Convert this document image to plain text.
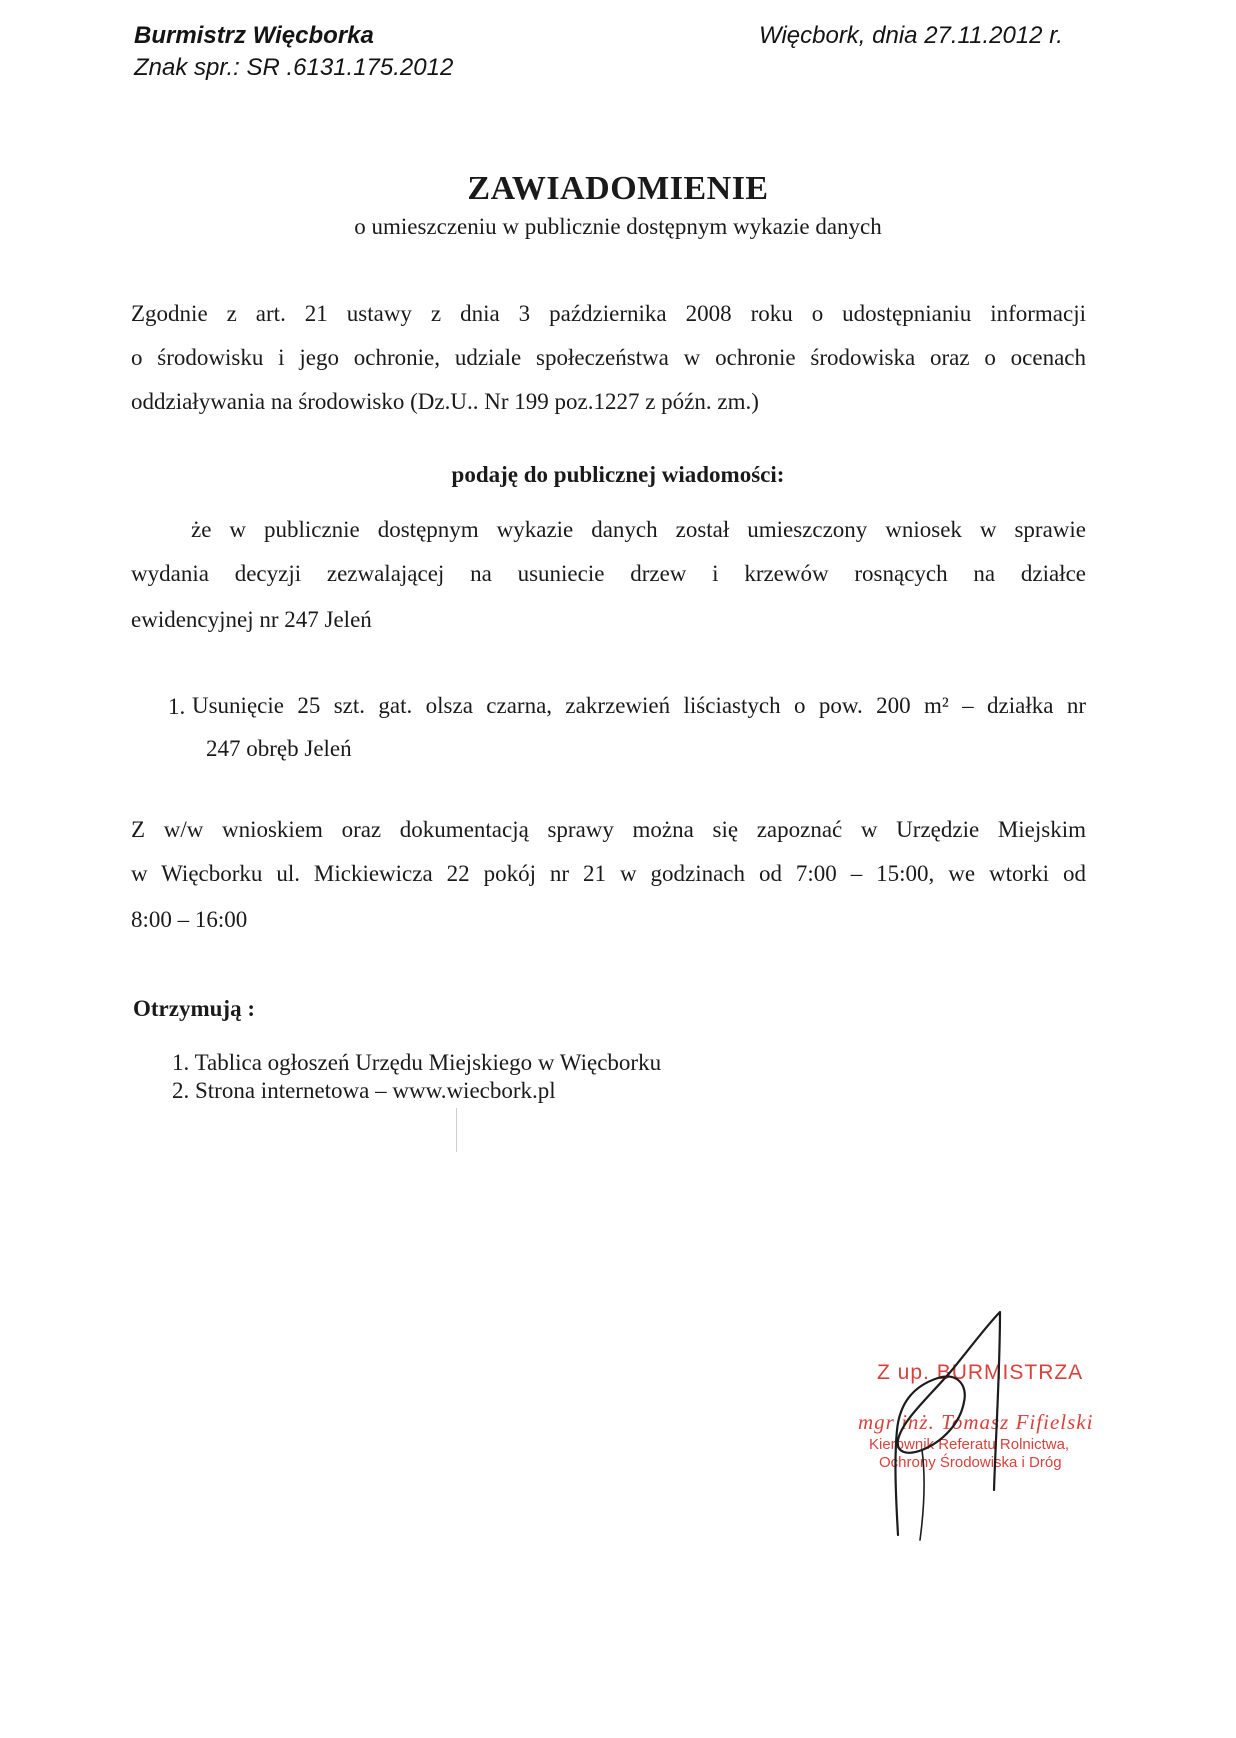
Burmistrz Więcborka
Znak spr.: SR .6131.175.2012
Więcbork, dnia 27.11.2012 r.
ZAWIADOMIENIE
o umieszczeniu w publicznie dostępnym wykazie danych
Zgodnie z art. 21 ustawy z dnia 3 października 2008 roku o udostępnianiu informacji
o środowisku i jego ochronie, udziale społeczeństwa w ochronie środowiska oraz o ocenach
oddziaływania na środowisko (Dz.U.. Nr 199 poz.1227 z późn. zm.)
podaję do publicznej wiadomości:
że w publicznie dostępnym wykazie danych został umieszczony wniosek w sprawie
wydania decyzji zezwalającej na usuniecie drzew i krzewów rosnących na działce
ewidencyjnej nr 247 Jeleń
1. Usunięcie 25 szt. gat. olsza czarna, zakrzewień liściastych o pow. 200 m² – działka nr
247 obręb Jeleń
Z w/w wnioskiem oraz dokumentacją sprawy można się zapoznać w Urzędzie Miejskim
w Więcborku ul. Mickiewicza 22 pokój nr 21 w godzinach od 7:00 – 15:00, we wtorki od
8:00 – 16:00
Otrzymują :
1. Tablica ogłoszeń Urzędu Miejskiego w Więcborku
2. Strona internetowa – www.wiecbork.pl
Z up. BURMISTRZA
mgr inż. Tomasz Fifielski
Kierownik Referatu Rolnictwa,
Ochrony Środowiska i Dróg
